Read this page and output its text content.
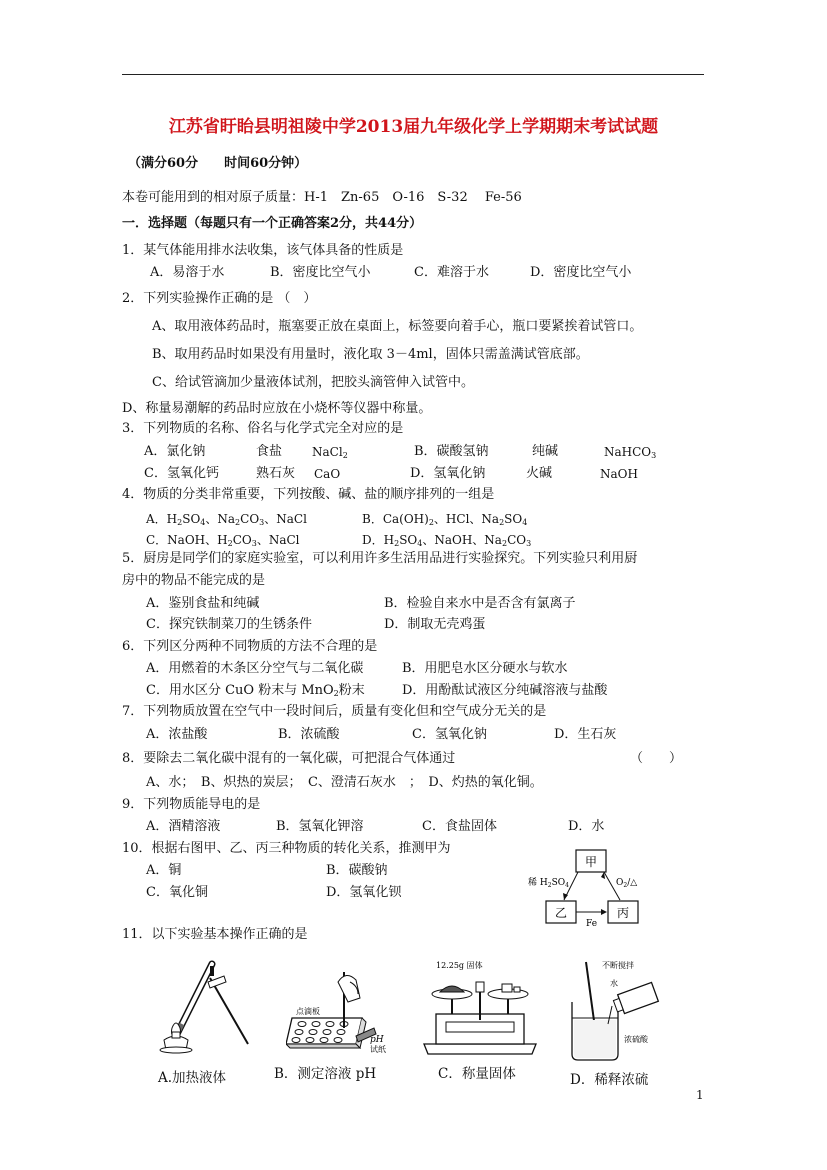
江苏省盱眙县明祖陵中学2013届九年级化学上学期期末考试试题
（满分60分　　时间60分钟）
本卷可能用到的相对原子质量：H-1　Zn-65　O-16　S-32　 Fe-56
一．选择题（每题只有一个正确答案2分，共44分）
1．某气体能用排水法收集，该气体具备的性质是
A．易溶于水	B．密度比空气小	C．难溶于水	D．密度比空气小
2．下列实验操作正确的是 （　）
A、取用液体药品时，瓶塞要正放在桌面上，标签要向着手心，瓶口要紧挨着试管口。
B、取用药品时如果没有用量时，液化取 3－4ml，固体只需盖满试管底部。
C、给试管滴加少量液体试剂，把胶头滴管伸入试管中。
D、称量易潮解的药品时应放在小烧杯等仪器中称量。
3．下列物质的名称、俗名与化学式完全对应的是
A．氯化钠	食盐 NaCl$_2$	B．碳酸氢钠	纯碱	NaHCO$_3$
C．氢氧化钙	熟石灰 CaO	D．氢氧化钠	火碱	NaOH
4．物质的分类非常重要，下列按酸、碱、盐的顺序排列的一组是
A．$H_2SO_4$、$Na_2CO_3$、NaCl	B．$Ca(OH)_2$、HCl、$Na_2SO_4$
C．NaOH、$H_2CO_3$、NaCl	D．$H_2SO_4$、NaOH、$Na_2CO_3$
5．厨房是同学们的家庭实验室，可以利用许多生活用品进行实验探究。下列实验只利用厨
房中的物品不能完成的是
A．鉴别食盐和纯碱	B．检验自来水中是否含有氯离子
C．探究铁制菜刀的生锈条件	D．制取无壳鸡蛋
6．下列区分两种不同物质的方法不合理的是
A．用燃着的木条区分空气与二氧化碳	B．用肥皂水区分硬水与软水
C．用水区分 CuO 粉末与 MnO$_2$粉末	D．用酚酞试液区分纯碱溶液与盐酸
7．下列物质放置在空气中一段时间后，质量有变化但和空气成分无关的是
A．浓盐酸	B．浓硫酸	C．氢氧化钠	D．生石灰
8．要除去二氧化碳中混有的一氧化碳，可把混合气体通过	（　　）
A、水；　B、炽热的炭层；　C、澄清石灰水　；　D、灼热的氧化铜。
9．下列物质能导电的是
A．酒精溶液	B．氢氧化钾溶	C．食盐固体	D．水
10．根据右图甲、乙、丙三种物质的转化关系，推测甲为
A．铜	B．碳酸钠
C．氧化铜	D．氢氧化钡
甲
乙	丙
稀 $H_2SO_4$	$O_2/\triangle$
Fe
11．以下实验基本操作正确的是
A.加热液体
点滴板
pH
试纸
B．测定溶液 pH
12.25g 固体
C．称量固体
不断搅拌
水
浓硫酸
D．稀释浓硫
1
